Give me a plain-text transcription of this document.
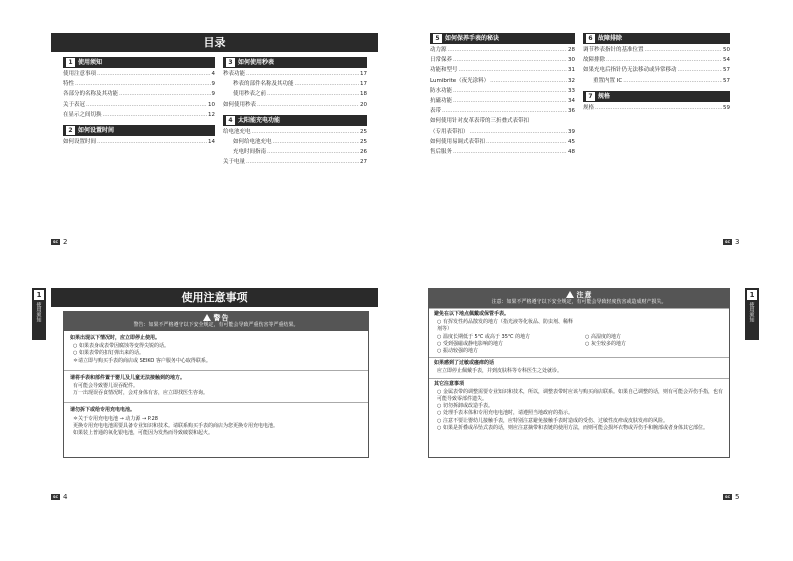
目录
1 使用须知
使用注意事项 .....	4
特性 .....	9
各部分的名称及其功能 .....	9
关于表冠 .....	10
在显示之间切换 .....	12
2 如何设置时间
如何设置时间 .....	14
3 如何使用秒表
秒表功能 .....	17
秒表的部件名称及其功能 .....	17
使用秒表之前 .....	18
如何使用秒表 .....	20
4 太阳能充电功能
给电池充电 .....	25
如何给电池充电 .....	25
充电时间指南 .....	26
关于电量 .....	27
SC 2
5 如何保养手表的秘诀
动力源 .....	28
日常保养 .....	30
功能和型号 .....	31
Lumibrite（夜光涂料） .....	32
防水功能 .....	33
抗磁功能 .....	34
表带 .....	36
如何使用针对皮革表带的三折叠式表带扣
（专用表带扣） .....	39
如何使用易调式表带扣 .....	45
售后服务 .....	48
6 故障排除
调节秒表指针的基准位置 .....	50
故障排除 .....	54
如果充电后指针仍无法移动或异常移动 .....	57
重置内置 IC .....	57
7 规格
规格 .....	59
SC 3
1
使用须知
使用注意事项
警告
警告：如果不严格遵守以下安全规定，有可能会导致严重伤害等严重结果。
如果出现以下情况时，应立即停止使用。
○ 如果表身或表带因腐蚀等变得尖锐的话。
○ 如果表带的扣钉弹出来的话。
＊请立即与购买手表的商店或 SEIKO 客户服务中心取得联系。
请将手表和部件置于婴儿及儿童无法接触到的地方。
有可能会导致婴儿误吞配件。
万一出现误吞食情况时，会对身体有害，应立即找医生咨询。
请勿拆下或给专用充电电池。
＊关于专用充电电池 → 动力源 → P.28
更换专用充电电池需要具备专业知识和技术。请联系购买手表的商店为您更换专用充电电池。
如果装上普通的氧化银电池，可能因为发热而导致破裂和起火。
SC 4
1
使用须知
注意
注意：如果不严格遵守以下安全规定，有可能会导致轻度伤害或造成财产损失。
避免在以下地点佩戴或保管手表。
○ 有挥发性药品散发的地方（指光液等化妆品、防虫剂、稀释剂等）
○ 温度长期低于 5℃ 或高于 35℃ 的地方	○ 高湿度的地方
○ 受到强磁或静电影响的地方	○ 灰尘较多的地方
○ 振动较强的地方
如果感到了过敏或瘙痒的话
应立即停止佩戴手表，并到皮肤科等专科医生之处就诊。
其它注意事项
○ 金属表带的调整需要专业知识和技术，所以，调整表带时应该与购买商店联系。如果自己调整的话，则有可能会弄伤手指，也有可能导致零部件遗失。
○ 切勿拆卸或改造手表。
○ 处理手表本体和专用充电电池时，请遵照当地政府的指示。
○ 注意不要让婴幼儿接触手表，应特别注意避免接触手表时造成的受伤、过敏性皮疹或皮肤发痒的风险。
○ 如果是折叠或吊坠式表的话，则应注意摘带和表链的使用方法，而则可能会损坏衣物或弄伤手和腕部或者身体其它部位。
SC 5
